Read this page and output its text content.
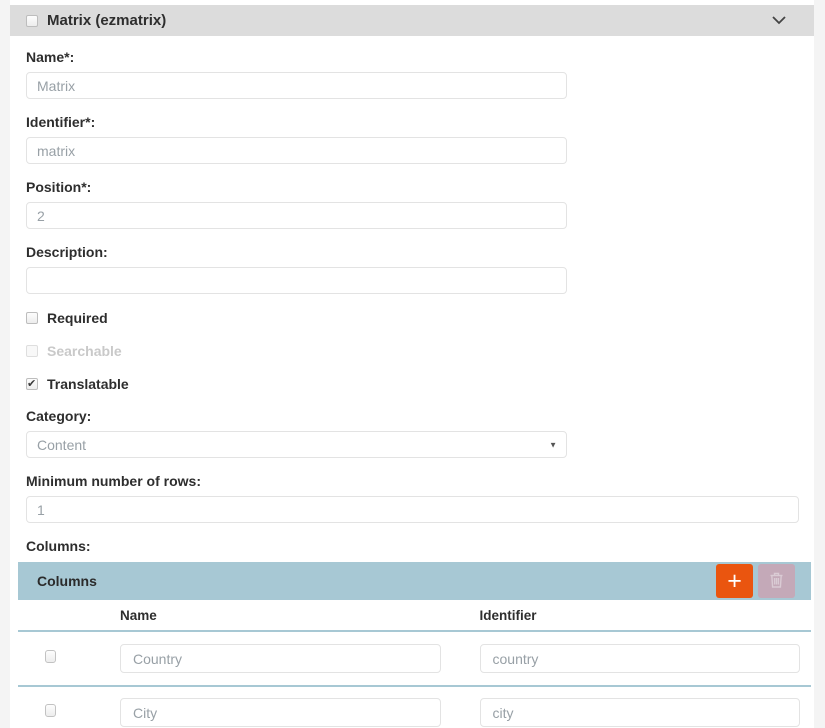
Matrix (ezmatrix)
Name*:
Matrix
Identifier*:
matrix
Position*:
2
Description:
Required
Searchable
Translatable
Category:
Content
▼
Minimum number of rows:
1
Columns:
Columns	+
Name	Identifier
Country
country
City
city
